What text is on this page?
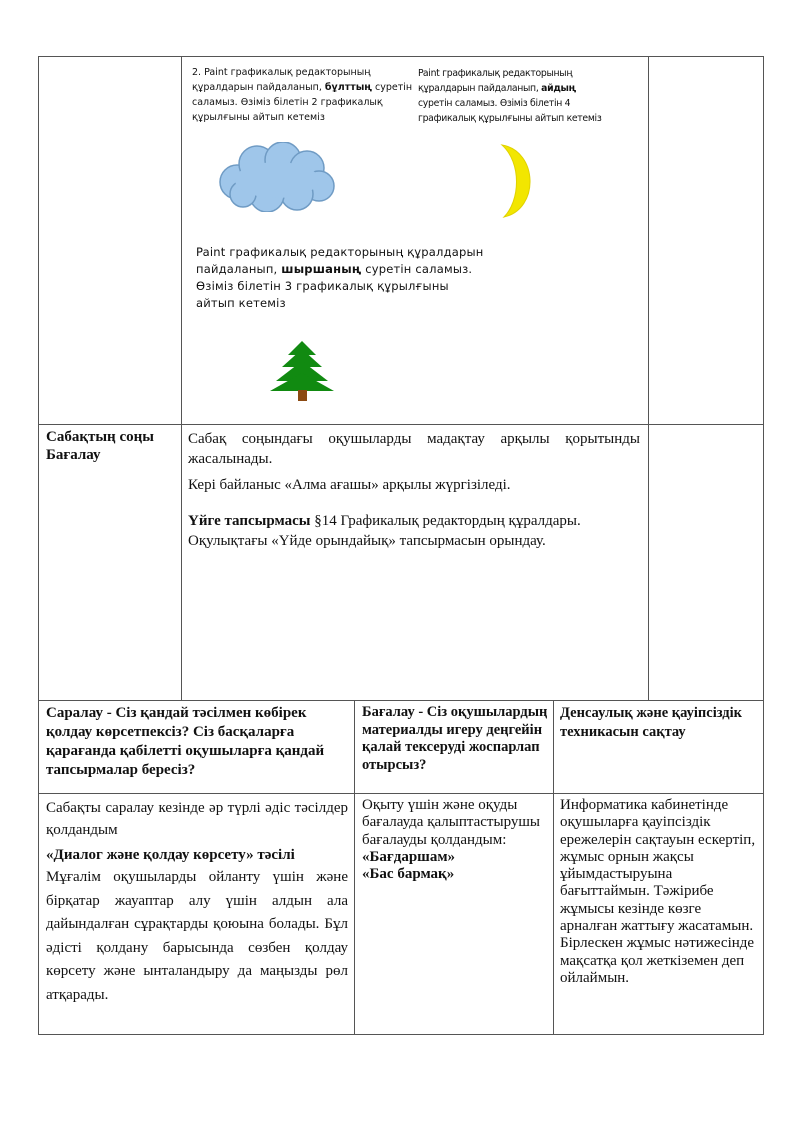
2. Paint графикалық редакторының құралдарын пайдаланып, бұлттың суретін саламыз. Өзіміз білетін 2 графикалық құрылғыны айтып кетеміз
Paint графикалық редакторының құралдарын пайдаланып, айдың суретін саламыз. Өзіміз білетін 4 графикалық құрылғыны айтып кетеміз
Paint графикалық редакторының құралдарын пайдаланып, шыршаның суретін саламыз. Өзіміз білетін 3 графикалық құрылғыны айтып кетеміз
Сабақтың соңы Бағалау

Сабақ соңындағы оқушыларды мадақтау арқылы қорытынды жасалынады.

Кері байланыс «Алма ағашы» арқылы жүргізіледі.

Үйге тапсырмасы §14 Графикалық редактордың құралдары. Оқулықтағы «Үйде орындайық» тапсырмасын орындау.

Саралау - Сіз қандай тәсілмен көбірек қолдау көрсетпексіз? Сіз басқаларға қарағанда қабілетті оқушыларға қандай тапсырмалар бересіз?
Бағалау - Сіз оқушылардың материалды игеру деңгейін қалай тексеруді жоспарлап отырсыз?
Денсаулық және қауіпсіздік техникасын сақтау

Сабақты саралау кезінде әр түрлі әдіс тәсілдер қолдандым

«Диалог және қолдау көрсету» тәсілі

Мұғалім оқушыларды ойланту үшін және бірқатар жауаптар алу үшін алдын ала дайындалған сұрақтарды қоюына болады. Бұл әдісті қолдану барысында сөзбен қолдау көрсету және ынталандыру да маңызды рөл атқарады.

Оқыту үшін және оқуды бағалауда қалыптастырушы бағалауды қолдандым:

«Бағдаршам»

«Бас бармақ»

Информатика кабинетінде оқушыларға қауіпсіздік ережелерін сақтауын ескертіп, жұмыс орнын жақсы ұйымдастыруына бағыттаймын. Тәжірибе жұмысы кезінде көзге арналған жаттығу жасатамын. Бірлескен жұмыс нәтижесінде мақсатқа қол жеткіземен деп ойлаймын.
